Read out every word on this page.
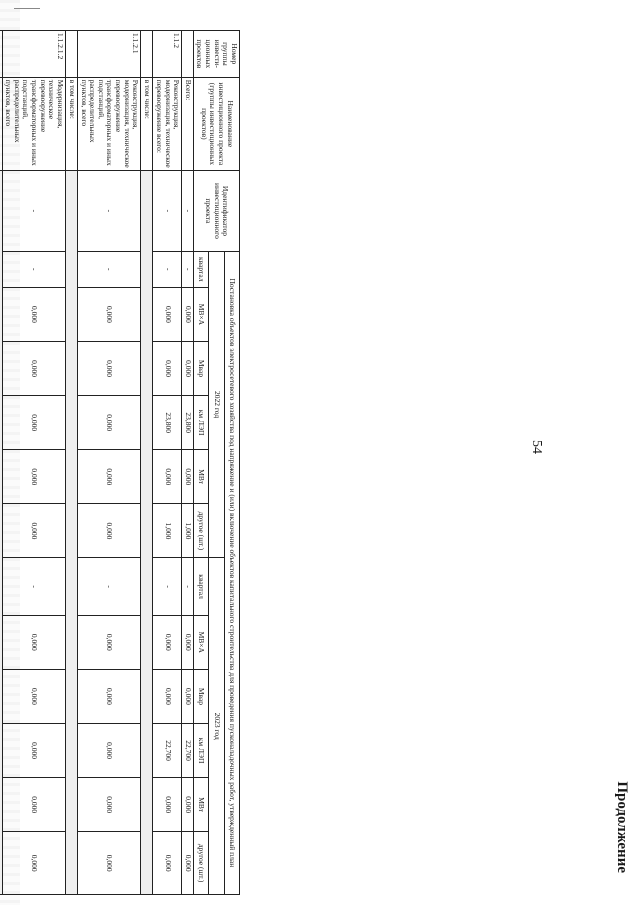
54
Продолжение
Номер группы инвести-ционных проектов	Наименование инвестиционного проекта (группы инвестиционных проектов)	Идентификатор инвестиционного проекта	Постановка объектов электросетевого хозяйства под напряжение и (или) включение объектов капитального строительства для проведения пусконаладочных работ, утвержденный план											
			2022 год						2023 год					
			квартал	МВ×А	Мвар	км ЛЭП	МВт	другое (шт.)	квартал	МВ×А	Мвар	км ЛЭП	МВт	другое (шт.)
	Всего:	-	-	0,000	0,000	23,800	0,000	1,000	-	0,000	0,000	22,700	0,000	0,000
1.1.2	Реконструкция, модернизация, техническое перевооружение всего:	-	-	0,000	0,000	23,800	0,000	1,000	-	0,000	0,000	22,700	0,000	0,000
	в том числе:													
1.1.2.1	Реконструкция, модернизация, техническое перевооружение трансформаторных и иных подстанций, распределительных пунктов, всего	-	-	0,000	0,000	0,000	0,000	0,000	-	0,000	0,000	0,000	0,000	0,000
	в том числе:													
1.1.2.1.2	Модернизация, техническое перевооружение трансформаторных и иных подстанций, распределительных пунктов, всего	-	-	0,000	0,000	0,000	0,000	0,000	-	0,000	0,000	0,000	0,000	0,000
